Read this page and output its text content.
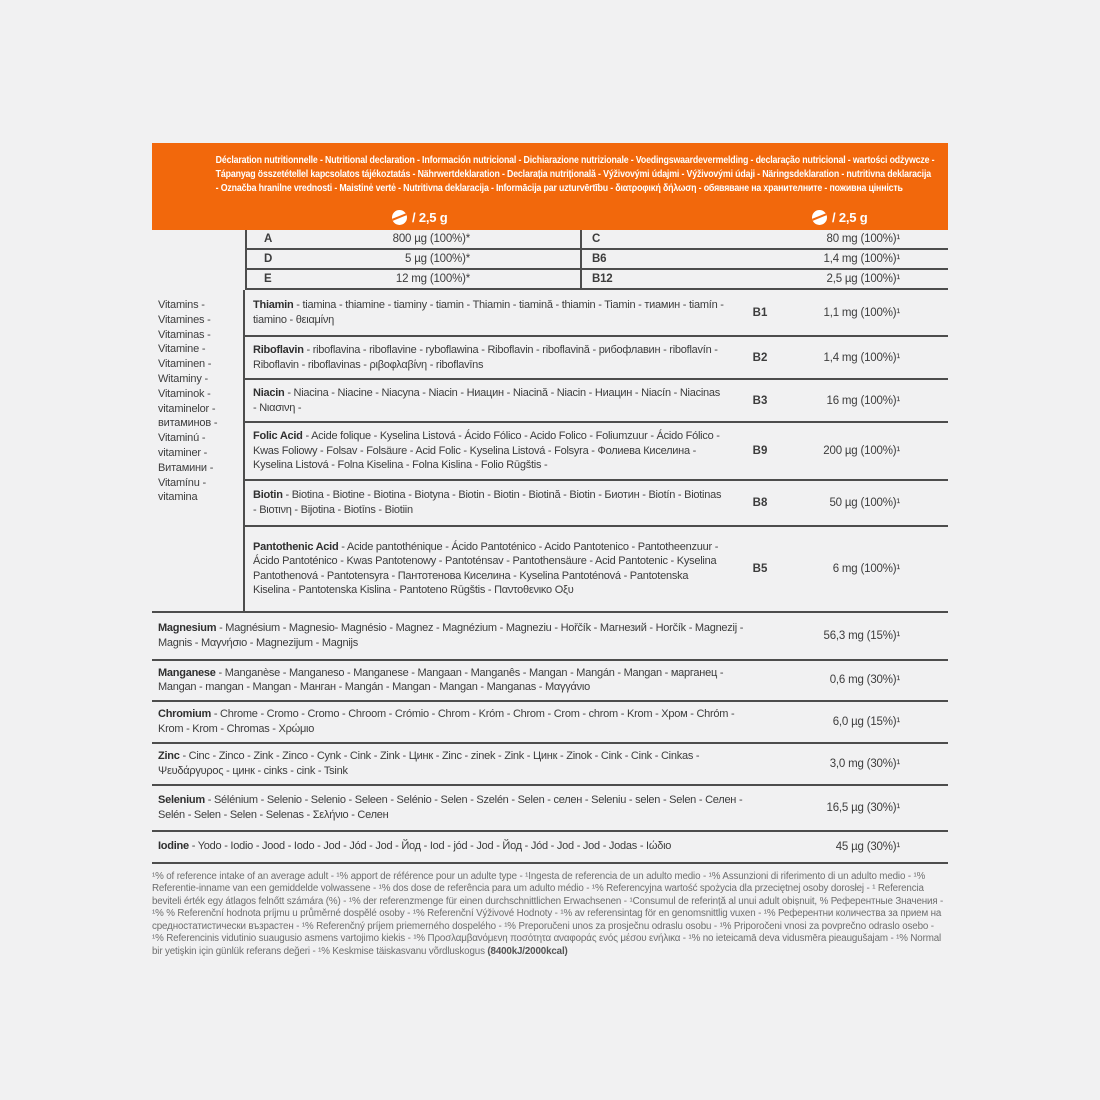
Déclaration nutritionnelle - Nutritional declaration - Información nutricional - Dichiarazione nutrizionale - Voedingswaardevermelding - declaração nutricional - wartości odżywcze -
Tápanyag összetétellel kapcsolatos tájékoztatás - Nährwertdeklaration - Declarația nutrițională - Výživovými údajmi - Výživovými údaji - Näringsdeklaration - nutritivna deklaracija
- Označba hranilne vrednosti - Maistinė vertė - Nutritivna deklaracija - Informācija par uzturvērtību - διατροφική δήλωση - обявяване на хранителните - поживна цінність
/ 2,5 g	/ 2,5 g
A	800 µg (100%)*	C	80 mg (100%)¹
D	5 µg (100%)*	B6	1,4 mg (100%)¹
E	12 mg (100%)*	B12	2,5 µg (100%)¹
Vitamins - Vitamines - Vitaminas - Vitamine - Vitaminen - Witaminy - Vitaminok - vitaminelor - витаминов - Vitaminú - vitaminer - Витамини - Vitamínu - vitamina
Thiamin - tiamina - thiamine - tiaminy - tiamin - Thiamin - tiamină - thiamin - Tiamin - тиамин - tiamín - tiamino - θειαμίνη
B1	1,1 mg (100%)¹
Riboflavin - riboflavina - riboflavine - ryboflawina - Riboflavin - riboflavină - рибофлавин - riboflavín - Riboflavin - riboflavinas - ριβοφλαβίνη - riboflavīns
B2	1,4 mg (100%)¹
Niacin - Niacina - Niacine - Niacyna - Niacin - Ниацин - Niacină - Niacin - Ниацин - Niacín - Niacinas - Νιασινη -
B3	16 mg (100%)¹
Folic Acid - Acide folique - Kyselina Listová - Ácido Fólico - Acido Folico - Foliumzuur - Ácido Fólico - Kwas Foliowy - Folsav - Folsäure - Acid Folic - Kyselina Listová - Folsyra - Фолиева Киселина - Kyselina Listová - Folna Kiselina - Folna Kislina - Folio Rūgštis -
B9	200 µg (100%)¹
Biotin - Biotina - Biotine - Biotina - Biotyna - Biotin - Biotin - Biotină - Biotin - Биотин - Biotín - Biotinas - Βιοτινη - Bijotina - Biotīns - Biotiin
B8	50 µg (100%)¹
Pantothenic Acid - Acide pantothénique - Ácido Pantoténico - Acido Pantotenico - Pantotheenzuur - Ácido Pantoténico - Kwas Pantotenowy - Pantoténsav - Pantothensäure - Acid Pantotenic - Kyselina Pantothenová - Pantotensyra - Пантотенова Киселина - Kyselina Pantoténová - Pantotenska Kiselina - Pantotenska Kislina - Pantoteno Rūgštis - Παντοθενικο Οξυ
B5	6 mg (100%)¹
Magnesium - Magnésium - Magnesio- Magnésio - Magnez - Magnézium - Magneziu - Hořčík - Магнезий - Horčík - Magnezij - Magnis - Μαγνήσιο - Magnezijum - Magnijs
56,3 mg (15%)¹
Manganese - Manganèse - Manganeso - Manganese - Mangaan - Manganês - Mangan - Mangán - Mangan - марганец - Mangan - mangan - Mangan - Манган - Mangán - Mangan - Mangan - Manganas - Μαγγάνιο
0,6 mg (30%)¹
Chromium - Chrome - Cromo - Cromo - Chroom - Crómio - Chrom - Króm - Chrom - Crom - chrom - Krom - Хром - Chróm - Krom - Krom - Chromas - Χρώμιο
6,0 µg (15%)¹
Zinc - Cinc - Zinco - Zink - Zinco - Cynk - Cink - Zink - Цинк - Zinc - zinek - Zink - Цинк - Zinok - Cink - Cink - Cinkas - Ψευδάργυρος - цинк - cinks - cink - Tsink
3,0 mg (30%)¹
Selenium - Sélénium - Selenio - Selenio - Seleen - Selénio - Selen - Szelén - Selen - селен - Seleniu - selen - Selen - Селен - Selén - Selen - Selen - Selenas - Σελήνιο - Селен
16,5 µg (30%)¹
Iodine - Yodo - Iodio - Jood - Iodo - Jod - Jód - Jod - Йод - Iod - jód - Jod - Йод - Jód - Jod - Jod - Jodas - Ιώδιο	45 µg (30%)¹

¹% of reference intake of an average adult - ¹% apport de référence pour un adulte type - ¹Ingesta de referencia de un adulto medio - ¹% Assunzioni di riferimento di un adulto medio - ¹% Referentie-inname van een gemiddelde volwassene - ¹% dos dose de referência para um adulto médio - ¹% Referencyjna wartość spożycia dla przeciętnej osoby dorosłej - ¹ Referencia beviteli érték egy átlagos felnőtt számára (%) - ¹% der referenzmenge für einen durchschnittlichen Erwachsenen - ¹Consumul de referință al unui adult obișnuit, % Референтные Значения - ¹% % Referenční hodnota príjmu u průměrné dospělé osoby - ¹% Referenční Výživové Hodnoty - ¹% av referensintag för en genomsnittlig vuxen - ¹% Референтни количества за прием на средностатистически възрастен - ¹% Referenčný príjem priemerného dospelého - ¹% Preporučeni unos za prosječnu odraslu osobu - ¹% Priporočeni vnosi za povprečno odraslo osebo - ¹% Referencinis vidutinio suaugusio asmens vartojimo kiekis - ¹% Προσλαμβανόμενη ποσότητα αναφοράς ενός μέσου ενήλικα - ¹% no ieteicamā deva vidusmēra pieaugušajam - ¹% Normal bir yetişkin için günlük referans değeri - ¹% Keskmise täiskasvanu võrdluskogus (8400kJ/2000kcal)
